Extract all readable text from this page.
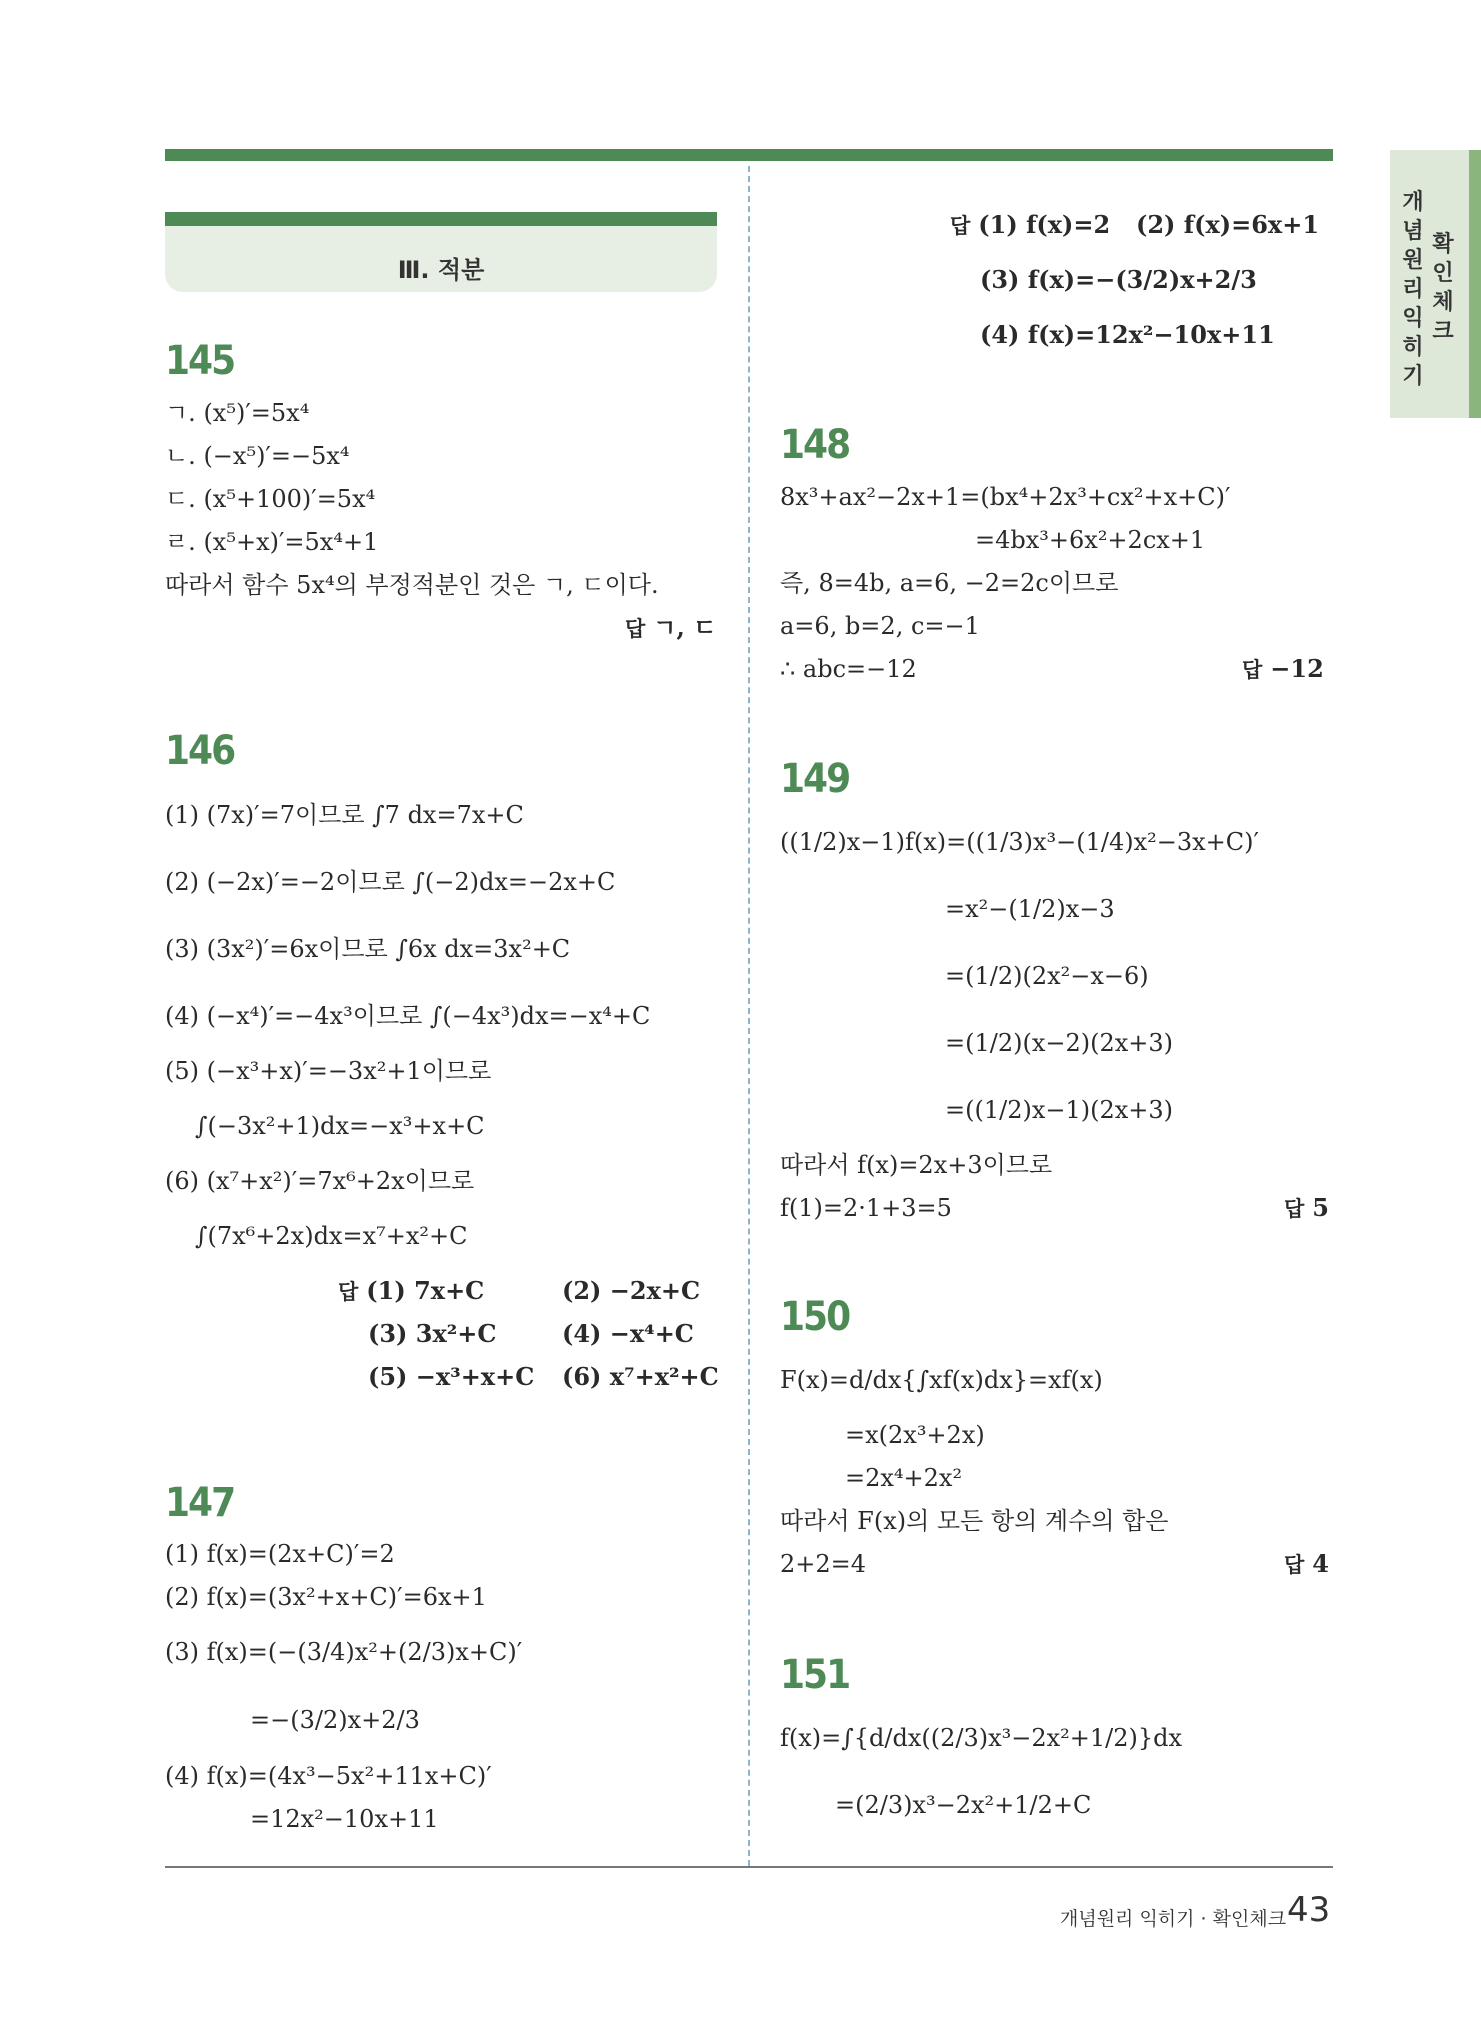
개
념
원
리
익
히
기
확
인
체
크
Ⅲ. 적분
145
ㄱ. (x⁵)′=5x⁴
ㄴ. (−x⁵)′=−5x⁴
ㄷ. (x⁵+100)′=5x⁴
ㄹ. (x⁵+x)′=5x⁴+1
따라서 함수 5x⁴의 부정적분인 것은 ㄱ, ㄷ이다.
답 ㄱ, ㄷ
146
(1) (7x)′=7이므로 ∫7 dx=7x+C
(2) (−2x)′=−2이므로 ∫(−2)dx=−2x+C
(3) (3x²)′=6x이므로 ∫6x dx=3x²+C
(4) (−x⁴)′=−4x³이므로 ∫(−4x³)dx=−x⁴+C
(5) (−x³+x)′=−3x²+1이므로
∫(−3x²+1)dx=−x³+x+C
(6) (x⁷+x²)′=7x⁶+2x이므로
∫(7x⁶+2x)dx=x⁷+x²+C
답 (1) 7x+C	(2) −2x+C
(3) 3x²+C	(4) −x⁴+C
(5) −x³+x+C (6) x⁷+x²+C
147
(1) f(x)=(2x+C)′=2
(2) f(x)=(3x²+x+C)′=6x+1
(3) f(x)=(−(3/4)x²+(2/3)x+C)′
=−(3/2)x+2/3
(4) f(x)=(4x³−5x²+11x+C)′
=12x²−10x+11
답 (1) f(x)=2 (2) f(x)=6x+1
(3) f(x)=−(3/2)x+2/3
(4) f(x)=12x²−10x+11
148
8x³+ax²−2x+1=(bx⁴+2x³+cx²+x+C)′
=4bx³+6x²+2cx+1
즉, 8=4b, a=6, −2=2c이므로
a=6, b=2, c=−1
∴ abc=−12	답 −12
149
((1/2)x−1)f(x)=((1/3)x³−(1/4)x²−3x+C)′
=x²−(1/2)x−3
=(1/2)(2x²−x−6)
=(1/2)(x−2)(2x+3)
=((1/2)x−1)(2x+3)
따라서 f(x)=2x+3이므로
f(1)=2·1+3=5	답 5
150
F(x)=d/dx{∫xf(x)dx}=xf(x)
=x(2x³+2x)
=2x⁴+2x²
따라서 F(x)의 모든 항의 계수의 합은
2+2=4	답 4
151
f(x)=∫{d/dx((2/3)x³−2x²+1/2)}dx
=(2/3)x³−2x²+1/2+C
개념원리 익히기 · 확인체크 43
